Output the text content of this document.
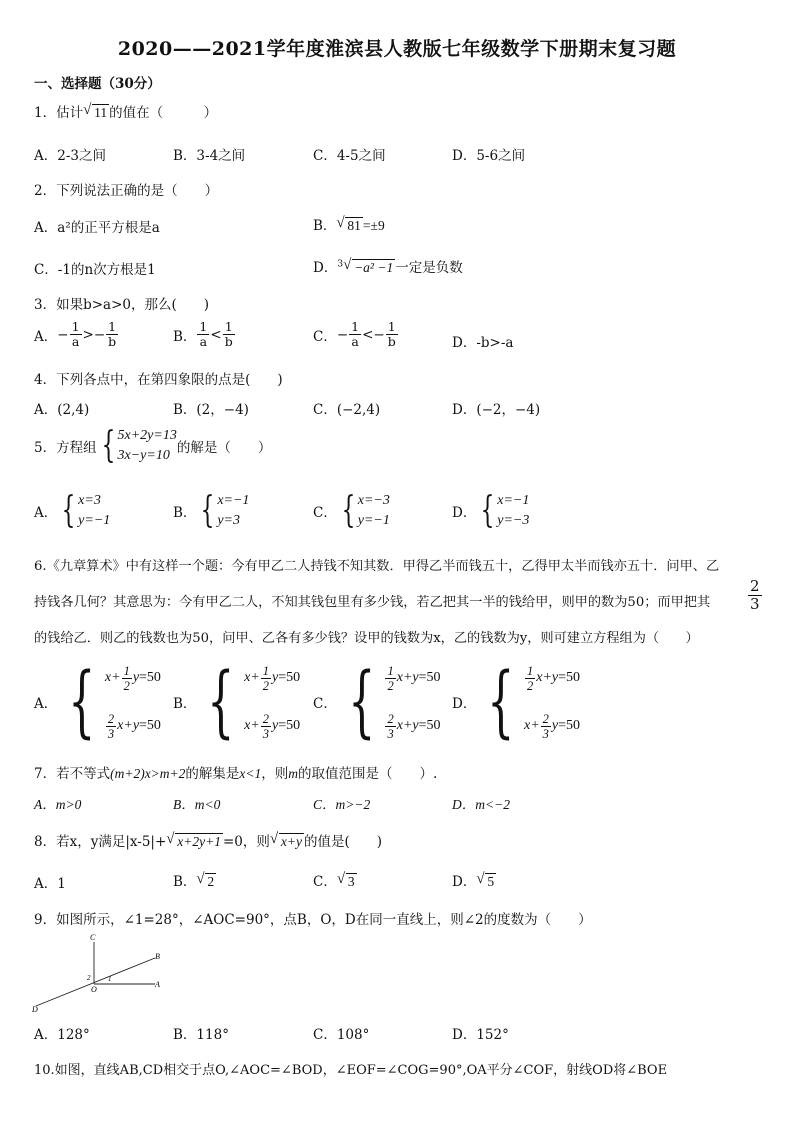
2020——2021学年度淮滨县人教版七年级数学下册期末复习题
一、选择题（30分）
1．估计 √ 11 的值在（　　　）
A．2-3之间	B．3-4之间	C．4-5之间	D．5-6之间
2．下列说法正确的是（　　）
A．a²的正平方根是a	B． √ 81 =±9
C．-1的n次方根是1	D．$^3$ √ −a² −1 一定是负数
3．如果b>a>0，那么(　　)
A． − $\frac{1}{a}$ > − $\frac{1}{b}$	B． $\frac{1}{a} < \frac{1}{b}$	C． − $\frac{1}{a}$ < − $\frac{1}{b}$	D．-b>-a
4．下列各点中，在第四象限的点是(　　)
A．(2,4)	B．(2，−4)	C．(−2,4)	D．(−2，−4)
5．方程组 { 5x+2y=13
3x−y=10 的解是（　　）
A． { x=3
y=−1	B． { x=−1
y=3	C． { x=−3
y=−1	D． { x=−1
y=−3
6.《九章算术》中有这样一个题：今有甲乙二人持钱不知其数．甲得乙半而钱五十，乙得甲太半而钱亦五十．问甲、乙
持钱各几何？其意思为：今有甲乙二人，不知其钱包里有多少钱，若乙把其一半的钱给甲，则甲的数为50；而甲把其	$\frac{2}{3}$
的钱给乙．则乙的钱数也为50，问甲、乙各有多少钱？设甲的钱数为x，乙的钱数为y，则可建立方程组为（　　）
A． { $x + \frac{1}{2}$ y =50
$\frac{2}{3}$ x + y =50
B． { $x + \frac{1}{2}$ y =50
$x + \frac{2}{3}$ y =50
C． { $\frac{1}{2}$ x + y =50
$\frac{2}{3}$ x + y =50
D． { $\frac{1}{2}$ x + y =50
$x + \frac{2}{3}$ y =50
7．若不等式(m+2)x>m+2的解集是x<1，则m的取值范围是（　　）.
A．m>0	B．m<0	C．m>−2	D．m<−2
8．若x，y满足|x-5|+ √ x+2y+1 =0，则 √ x+y 的值是(　　)
A．1	B． √ 2	C． √ 3	D． √ 5
9．如图所示，∠1=28°，∠AOC=90°，点B，O，D在同一直线上，则∠2的度数为（　　）
C
B
A
O
D
1
2
A．128°	B．118°	C．108°	D．152°
10.如图，直线AB,CD相交于点O,∠AOC=∠BOD，∠EOF=∠COG=90°,OA平分∠COF，射线OD将∠BOE
